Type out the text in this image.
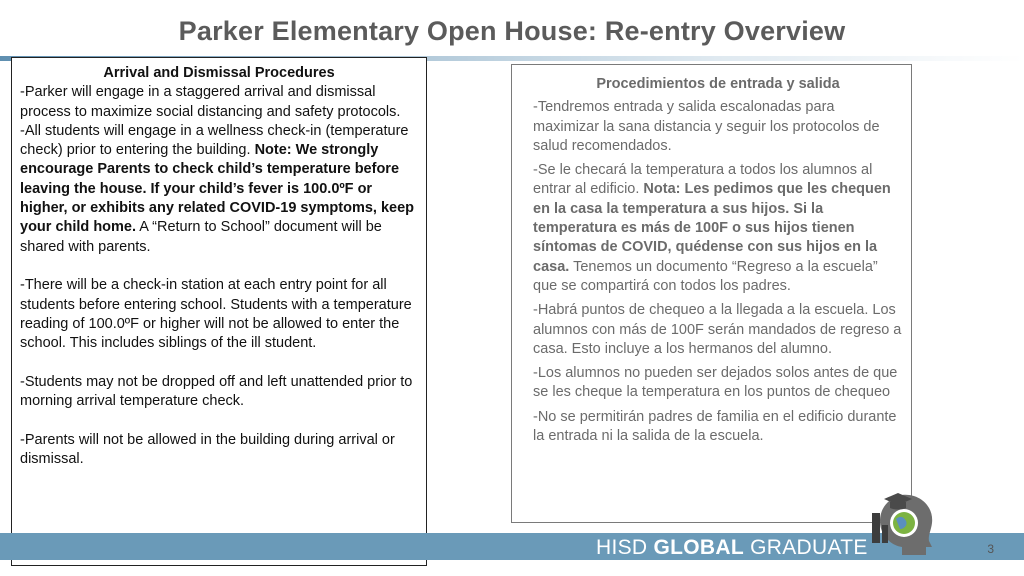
Parker Elementary Open House: Re-entry Overview
Arrival and Dismissal Procedures

-Parker will engage in a staggered arrival and dismissal process to maximize social distancing and safety protocols.

-All students will engage in a wellness check-in (temperature check) prior to entering the building. Note: We strongly encourage Parents to check child’s temperature before leaving the house. If your child’s fever is 100.0ºF or higher, or exhibits any related COVID-19 symptoms, keep your child home. A “Return to School” document will be shared with parents.

-There will be a check-in station at each entry point for all students before entering school. Students with a temperature reading of 100.0ºF or higher will not be allowed to enter the school. This includes siblings of the ill student.

-Students may not be dropped off and left unattended prior to morning arrival temperature check.

-Parents will not be allowed in the building during arrival or dismissal.

Procedimientos de entrada y salida

-Tendremos entrada y salida escalonadas para maximizar la sana distancia y seguir los protocolos de salud recomendados.

-Se le checará la temperatura a todos los alumnos al entrar al edificio. Nota: Les pedimos que les chequen en la casa la temperatura a sus hijos. Si la temperatura es más de 100F o sus hijos tienen síntomas de COVID, quédense con sus hijos en la casa. Tenemos un documento “Regreso a la escuela” que se compartirá con todos los padres.

-Habrá puntos de chequeo a la llegada a la escuela. Los alumnos con más de 100F serán mandados de regreso a casa. Esto incluye a los hermanos del alumno.

-Los alumnos no pueden ser dejados solos antes de que se les cheque la temperatura en los puntos de chequeo

-No se permitirán padres de familia en el edificio durante la entrada ni la salida de la escuela.

HISD GLOBAL GRADUATE	3
